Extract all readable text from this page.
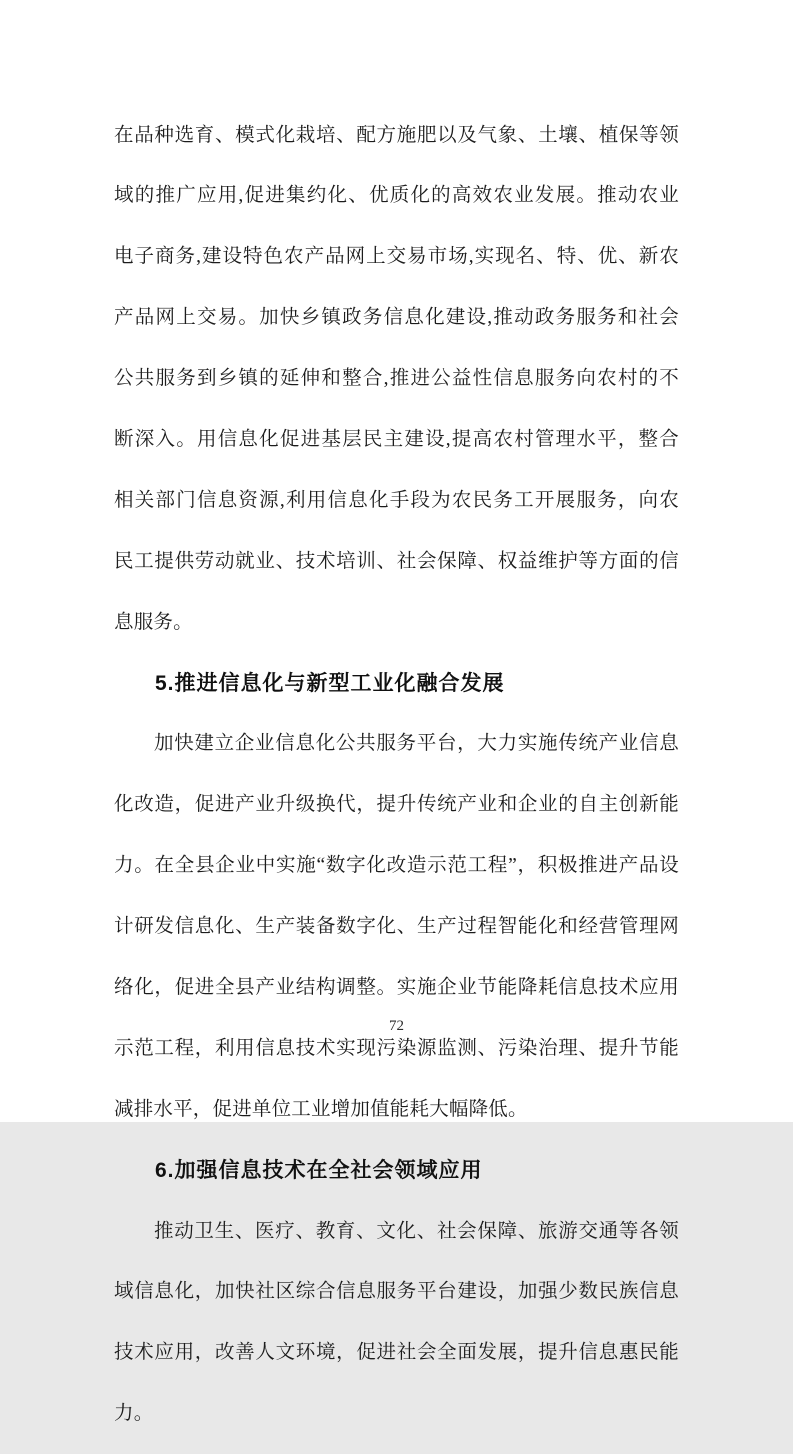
在品种选育、模式化栽培、配方施肥以及气象、土壤、植保等领

域的推广应用,促进集约化、优质化的高效农业发展。推动农业

电子商务,建设特色农产品网上交易市场,实现名、特、优、新农

产品网上交易。加快乡镇政务信息化建设,推动政务服务和社会

公共服务到乡镇的延伸和整合,推进公益性信息服务向农村的不

断深入。用信息化促进基层民主建设,提高农村管理水平，整合

相关部门信息资源,利用信息化手段为农民务工开展服务，向农

民工提供劳动就业、技术培训、社会保障、权益维护等方面的信

息服务。

5.推进信息化与新型工业化融合发展

加快建立企业信息化公共服务平台，大力实施传统产业信息

化改造，促进产业升级换代，提升传统产业和企业的自主创新能

力。在全县企业中实施“数字化改造示范工程”，积极推进产品设

计研发信息化、生产装备数字化、生产过程智能化和经营管理网

络化，促进全县产业结构调整。实施企业节能降耗信息技术应用

示范工程，利用信息技术实现污染源监测、污染治理、提升节能

减排水平，促进单位工业增加值能耗大幅降低。

6.加强信息技术在全社会领域应用

推动卫生、医疗、教育、文化、社会保障、旅游交通等各领

域信息化，加快社区综合信息服务平台建设，加强少数民族信息

技术应用，改善人文环境，促进社会全面发展，提升信息惠民能

力。

72
